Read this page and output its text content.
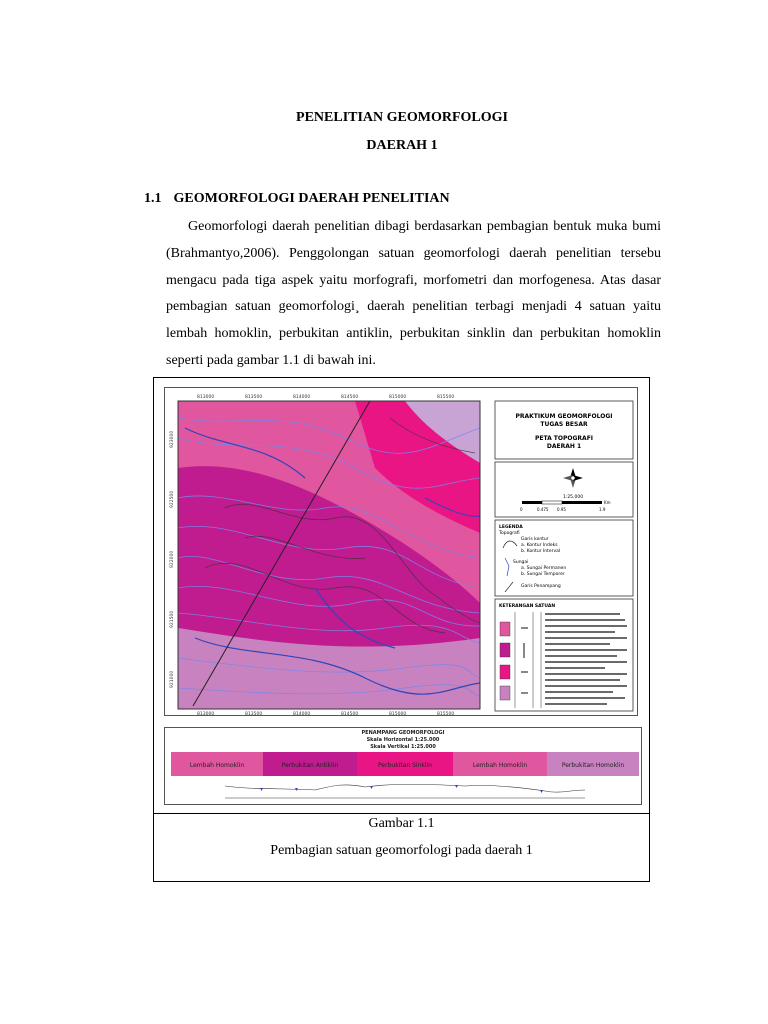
PENELITIAN GEOMORFOLOGI
DAERAH 1
1.1 GEOMORFOLOGI DAERAH PENELITIAN
Geomorfologi daerah penelitian dibagi berdasarkan pembagian bentuk muka bumi (Brahmantyo,2006). Penggolongan satuan geomorfologi daerah penelitian tersebu mengacu pada tiga aspek yaitu morfografi, morfometri dan morfogenesa. Atas dasar pembagian satuan geomorfologi¸ daerah penelitian terbagi menjadi 4 satuan yaitu lembah homoklin, perbukitan antiklin, perbukitan sinklin dan perbukitan homoklin seperti pada gambar 1.1 di bawah ini.
813000	813500	814000	814500	815000	815500
813000	813500	814000	814500	815000	815500
923000
922500
922000
921500
921000
PRAKTIKUM GEOMORFOLOGI
TUGAS BESAR
PETA TOPOGRAFI
DAERAH 1
1:25.000
0	0.475 0.95	1.9
Km
LEGENDA
Topografi
Garis kontur
a. Kontur Indeks
b. Kontur Interval
Sungai
a. Sungai Permanen
b. Sungai Temporer
Garis Penampang
KETERANGAN SATUAN
PENAMPANG GEOMORFOLOGI
Skala Horizontal 1:25.000
Skala Vertikal 1:25.000
Lembah Homoklin	Perbukitan Antiklin	Perbukitan Sinklin	Lembah Homoklin	Perbukitan Homoklin
Gambar 1.1
Pembagian satuan geomorfologi pada daerah 1
